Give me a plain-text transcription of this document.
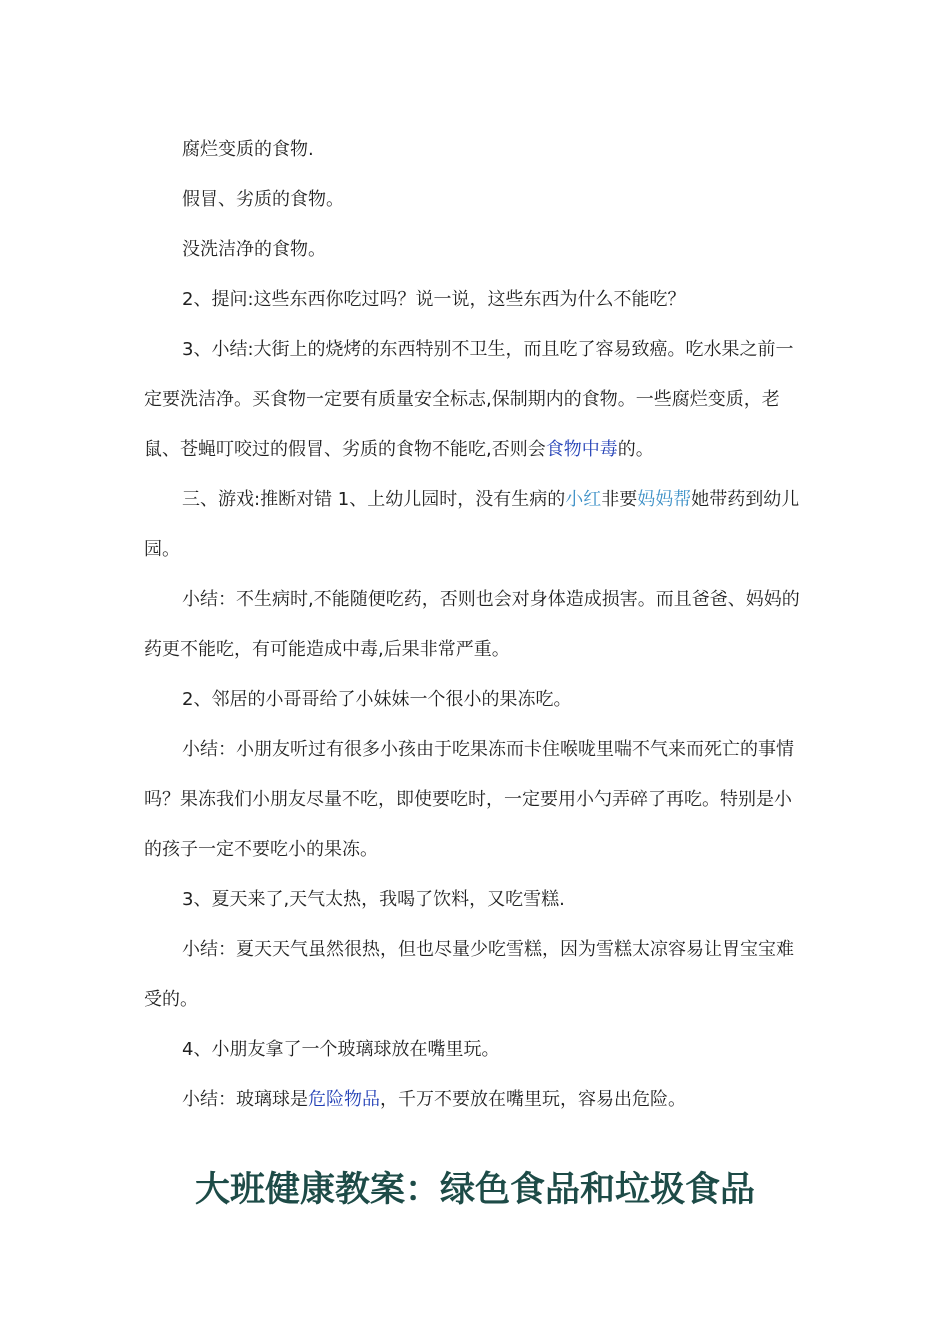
腐烂变质的食物.

假冒、劣质的食物。

没洗洁净的食物。

2、提问:这些东西你吃过吗？说一说，这些东西为什么不能吃？

3、小结:大街上的烧烤的东西特别不卫生，而且吃了容易致癌。吃水果之前一定要洗洁净。买食物一定要有质量安全标志,保制期内的食物。一些腐烂变质，老鼠、苍蝇叮咬过的假冒、劣质的食物不能吃,否则会食物中毒的。

三、游戏:推断对错 1、上幼儿园时，没有生病的小红非要妈妈帮她带药到幼儿园。

小结：不生病时,不能随便吃药，否则也会对身体造成损害。而且爸爸、妈妈的药更不能吃，有可能造成中毒,后果非常严重。

2、邻居的小哥哥给了小妹妹一个很小的果冻吃。

小结：小朋友听过有很多小孩由于吃果冻而卡住喉咙里喘不气来而死亡的事情吗？果冻我们小朋友尽量不吃，即使要吃时，一定要用小勺弄碎了再吃。特别是小的孩子一定不要吃小的果冻。

3、夏天来了,天气太热，我喝了饮料，又吃雪糕.

小结：夏天天气虽然很热，但也尽量少吃雪糕，因为雪糕太凉容易让胃宝宝难受的。

4、小朋友拿了一个玻璃球放在嘴里玩。

小结：玻璃球是危险物品，千万不要放在嘴里玩，容易出危险。

大班健康教案：绿色食品和垃圾食品
